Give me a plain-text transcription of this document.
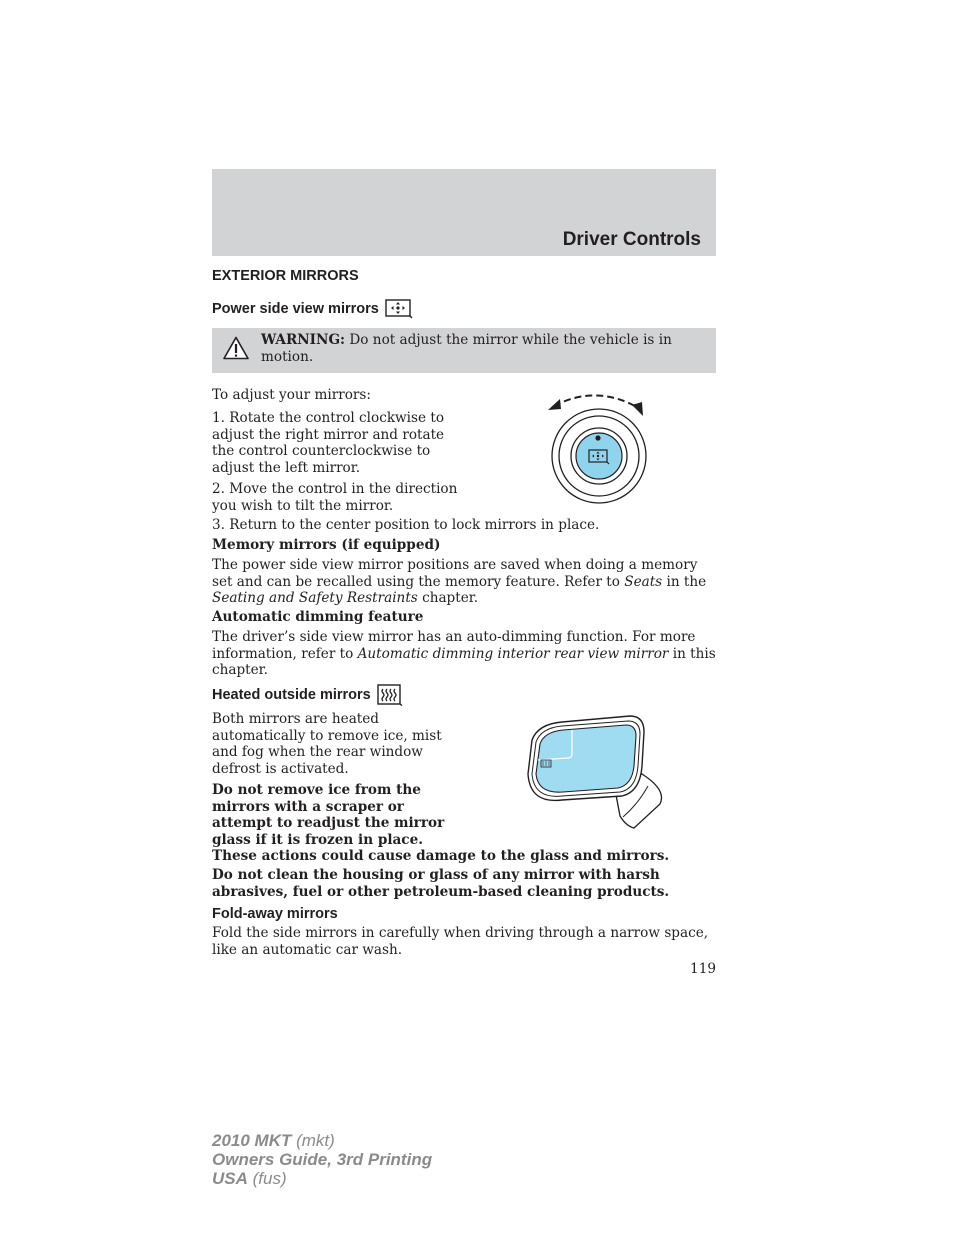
Driver Controls
EXTERIOR MIRRORS
Power side view mirrors
WARNING: Do not adjust the mirror while the vehicle is in motion.

To adjust your mirrors:

1. Rotate the control clockwise to adjust the right mirror and rotate the control counterclockwise to adjust the left mirror.

2. Move the control in the direction you wish to tilt the mirror.

3. Return to the center position to lock mirrors in place.

Memory mirrors (if equipped)

The power side view mirror positions are saved when doing a memory set and can be recalled using the memory feature. Refer to Seats in the Seating and Safety Restraints chapter.

Automatic dimming feature

The driver’s side view mirror has an auto-dimming function. For more information, refer to Automatic dimming interior rear view mirror in this chapter.

Heated outside mirrors

Both mirrors are heated automatically to remove ice, mist and fog when the rear window defrost is activated.

Do not remove ice from the mirrors with a scraper or attempt to readjust the mirror glass if it is frozen in place.

These actions could cause damage to the glass and mirrors.

Do not clean the housing or glass of any mirror with harsh abrasives, fuel or other petroleum-based cleaning products.

Fold-away mirrors

Fold the side mirrors in carefully when driving through a narrow space, like an automatic car wash.

119
2010 MKT (mkt)
Owners Guide, 3rd Printing
USA (fus)
